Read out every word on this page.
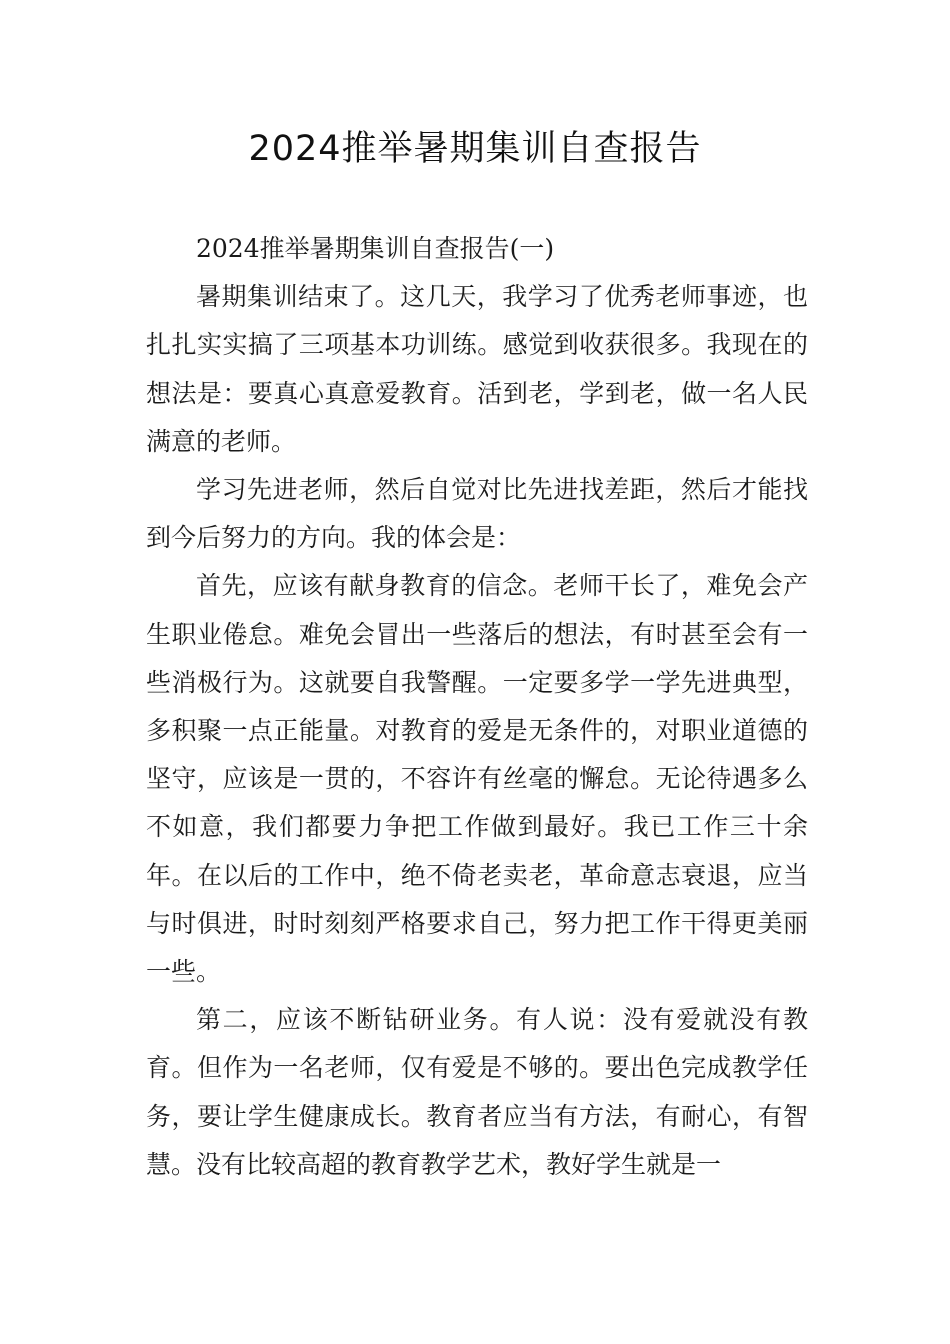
2024推举暑期集训自查报告

2024推举暑期集训自查报告(一)

暑期集训结束了。这几天，我学习了优秀老师事迹，也扎扎实实搞了三项基本功训练。感觉到收获很多。我现在的想法是：要真心真意爱教育。活到老，学到老，做一名人民满意的老师。

学习先进老师，然后自觉对比先进找差距，然后才能找到今后努力的方向。我的体会是：

首先，应该有献身教育的信念。老师干长了，难免会产生职业倦怠。难免会冒出一些落后的想法，有时甚至会有一些消极行为。这就要自我警醒。一定要多学一学先进典型，多积聚一点正能量。对教育的爱是无条件的，对职业道德的坚守，应该是一贯的，不容许有丝毫的懈怠。无论待遇多么不如意，我们都要力争把工作做到最好。我已工作三十余年。在以后的工作中，绝不倚老卖老，革命意志衰退，应当与时俱进，时时刻刻严格要求自己，努力把工作干得更美丽一些。

第二，应该不断钻研业务。有人说：没有爱就没有教育。但作为一名老师，仅有爱是不够的。要出色完成教学任务，要让学生健康成长。教育者应当有方法，有耐心，有智慧。没有比较高超的教育教学艺术，教好学生就是一
